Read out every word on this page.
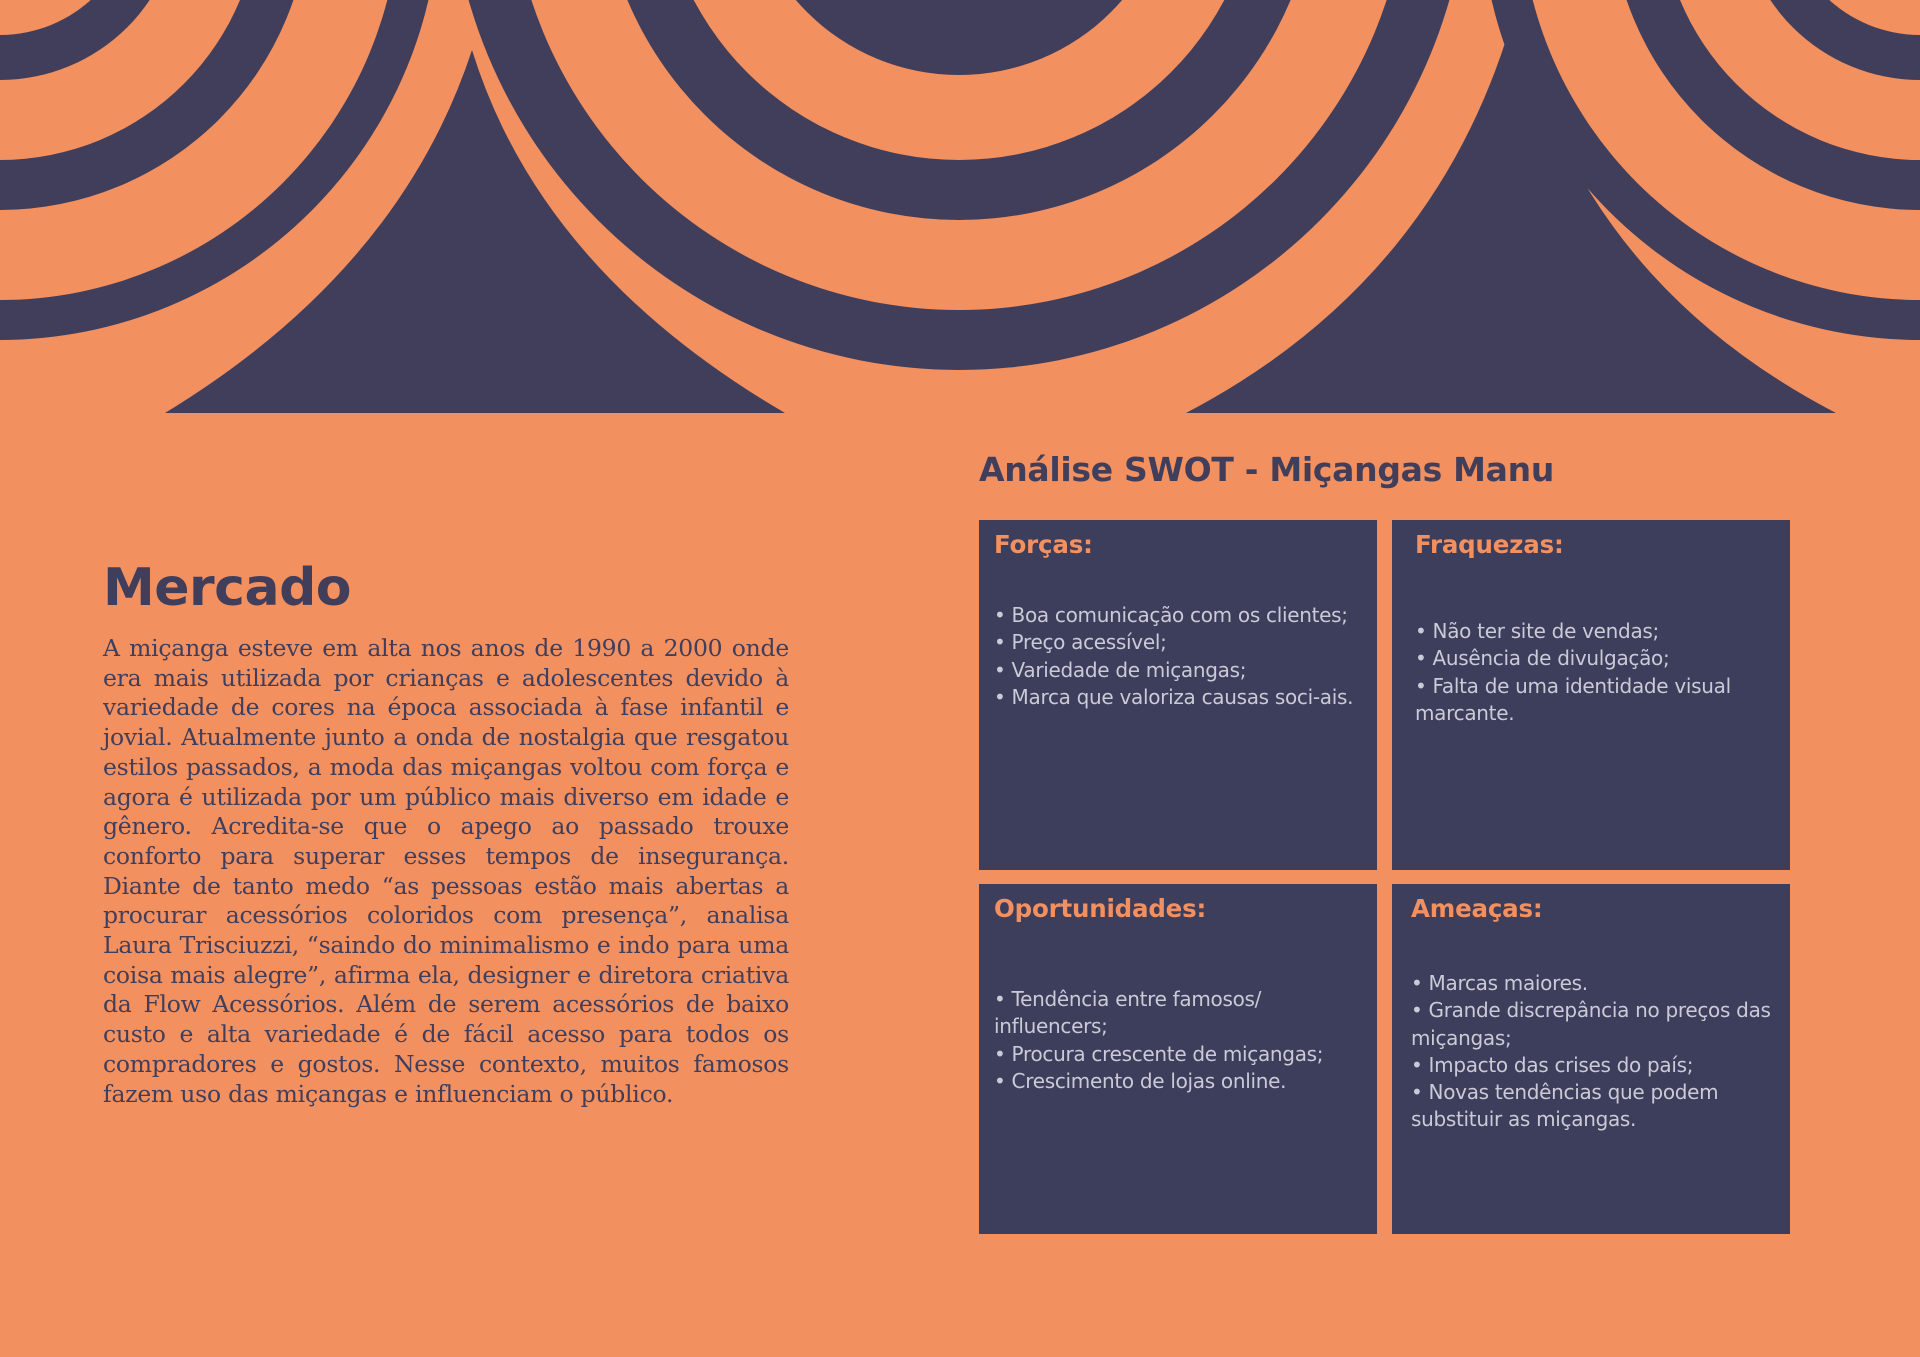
Mercado

A miçanga esteve em alta nos anos de 1990 a 2000 onde era mais utilizada por crianças e adolescentes devido à variedade de cores na época associada à fase infantil e jovial. Atualmente junto a onda de nostalgia que resgatou estilos passados, a moda das miçangas voltou com força e agora é utilizada por um público mais diverso em idade e gênero. Acredita-se que o apego ao passado trouxe conforto para superar esses tempos de insegurança. Diante de tanto medo “as pessoas estão mais abertas a procurar acessórios coloridos com presença”, analisa Laura Trisciuzzi, “saindo do minimalismo e indo para uma coisa mais alegre”, afirma ela, designer e diretora criativa da Flow Acessórios. Além de serem acessórios de baixo custo e alta variedade é de fácil acesso para todos os compradores e gostos. Nesse contexto, muitos famosos fazem uso das miçangas e influenciam o público.

Análise SWOT - Miçangas Manu
Forças:
• Boa comunicação com os clientes;
• Preço acessível;
• Variedade de miçangas;
• Marca que valoriza causas soci-ais.
Fraquezas:
• Não ter site de vendas;
• Ausência de divulgação;
• Falta de uma identidade visual marcante.
Oportunidades:
• Tendência entre famosos/ influencers;
• Procura crescente de miçangas;
• Crescimento de lojas online.
Ameaças:
• Marcas maiores.
• Grande discrepância no preços das miçangas;
• Impacto das crises do país;
• Novas tendências que podem substituir as miçangas.
